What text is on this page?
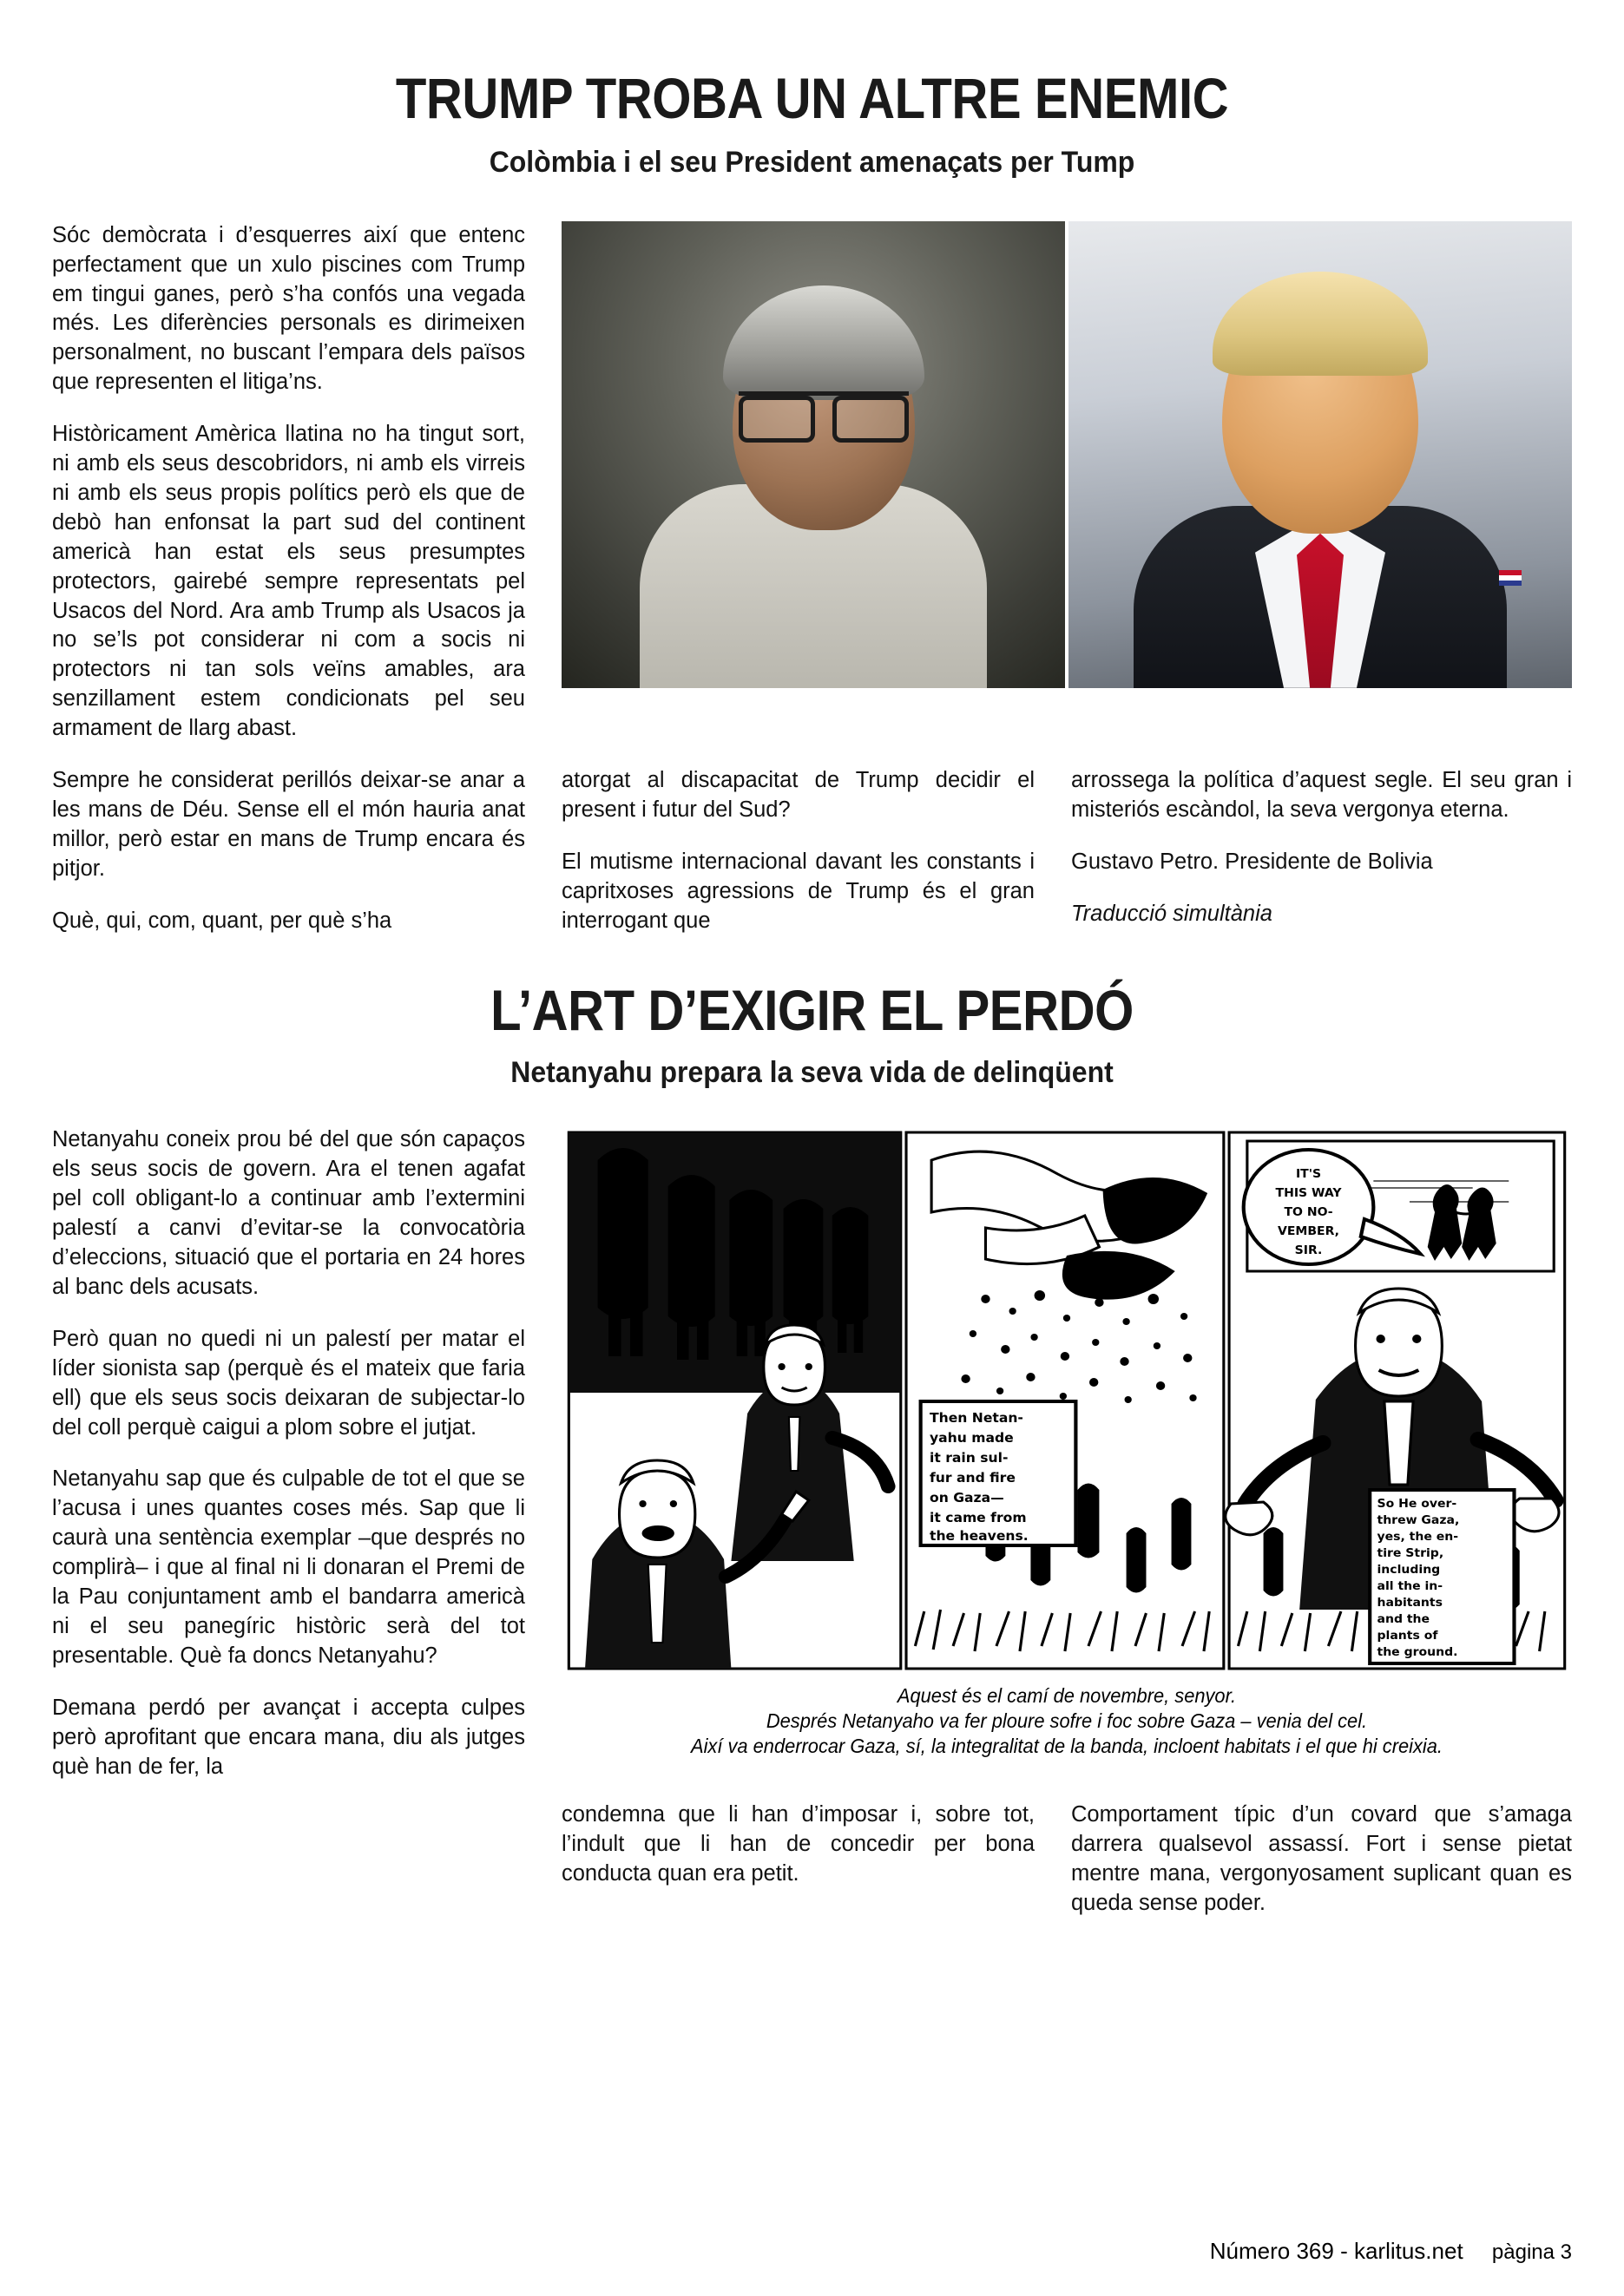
TRUMP TROBA UN ALTRE ENEMIC
Colòmbia i el seu President amenaçats per Tump

Sóc demòcrata i d’esquerres així que entenc perfectament que un xulo piscines com Trump em tingui ganes, però s’ha confós una vegada més. Les diferències personals es dirimeixen personalment, no buscant l’empara dels països que representen el litiga’ns.

Històricament Amèrica llatina no ha tingut sort, ni amb els seus descobridors, ni amb els virreis ni amb els seus propis polítics però els que de debò han enfonsat la part sud del continent americà han estat els seus presumptes protectors, gairebé sempre representats pel Usacos del Nord. Ara amb Trump als Usacos ja no se’ls pot considerar ni com a socis ni protectors ni tan sols veïns amables, ara senzillament estem condicionats pel seu armament de llarg abast.

Sempre he considerat perillós deixar-se anar a les mans de Déu. Sense ell el món hauria anat millor, però estar en mans de Trump encara és pitjor.

Què, qui, com, quant, per què s’ha

atorgat al discapacitat de Trump decidir el present i futur del Sud?

El mutisme internacional davant les constants i capritxoses agressions de Trump és el gran interrogant que

arrossega la política d’aquest segle. El seu gran i misteriós escàndol, la seva vergonya eterna.

Gustavo Petro. Presidente de Bolivia

Traducció simultània

L’ART D’EXIGIR EL PERDÓ
Netanyahu prepara la seva vida de delinqüent

Netanyahu coneix prou bé del que són capaços els seus socis de govern. Ara el tenen agafat pel coll obligant-lo a continuar amb l’extermini palestí a canvi d’evitar-se la convocatòria d’eleccions, situació que el portaria en 24 hores al banc dels acusats.

Però quan no quedi ni un palestí per matar el líder sionista sap (perquè és el mateix que faria ell) que els seus socis deixaran de subjectar-lo del coll perquè caigui a plom sobre el jutjat.

Netanyahu sap que és culpable de tot el que se l’acusa i unes quantes coses més. Sap que li caurà una sentència exemplar –que després no complirà– i que al final ni li donaran el Premi de la Pau conjuntament amb el bandarra americà ni el seu panegíric històric serà del tot presentable. Què fa doncs Netanyahu?

Demana perdó per avançat i accepta culpes però aprofitant que encara mana, diu als jutges què han de fer, la

Then Netan-
yahu made
it rain sul-
fur and fire
on Gaza—
it came from
the heavens.
IT'S
THIS WAY
TO NO-
VEMBER,
SIR.
So He over-
threw Gaza,
yes, the en-
tire Strip,
including
all the in-
habitants
and the
plants of
the ground.
Aquest és el camí de novembre, senyor.
Després Netanyaho va fer ploure sofre i foc sobre Gaza – venia del cel.
Així va enderrocar Gaza, sí, la integralitat de la banda, incloent habitats i el que hi creixia.

condemna que li han d’imposar i, sobre tot, l’indult que li han de concedir per bona conducta quan era petit.

Comportament típic d’un covard que s’amaga darrera qualsevol assassí. Fort i sense pietat mentre mana, vergonyosament suplicant quan es queda sense poder.

Número 369 - karlitus.net pàgina 3
